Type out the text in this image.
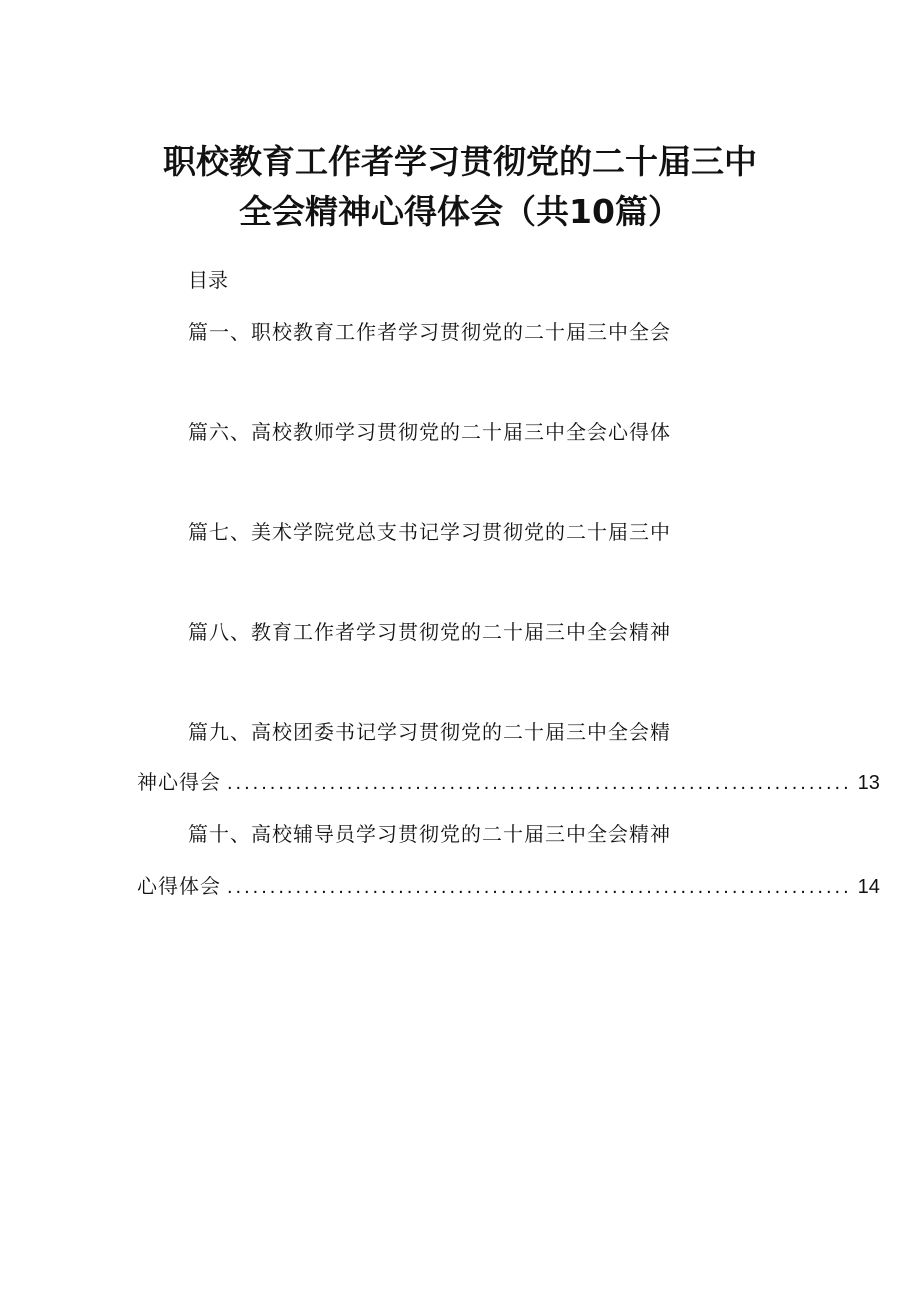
职校教育工作者学习贯彻党的二十届三中
全会精神心得体会（共10篇）
目录
篇一、职校教育工作者学习贯彻党的二十届三中全会
篇六、高校教师学习贯彻党的二十届三中全会心得体
篇七、美术学院党总支书记学习贯彻党的二十届三中
篇八、教育工作者学习贯彻党的二十届三中全会精神
篇九、高校团委书记学习贯彻党的二十届三中全会精
神心得会 ......................................................................... 13
篇十、高校辅导员学习贯彻党的二十届三中全会精神
心得体会 ......................................................................... 14
